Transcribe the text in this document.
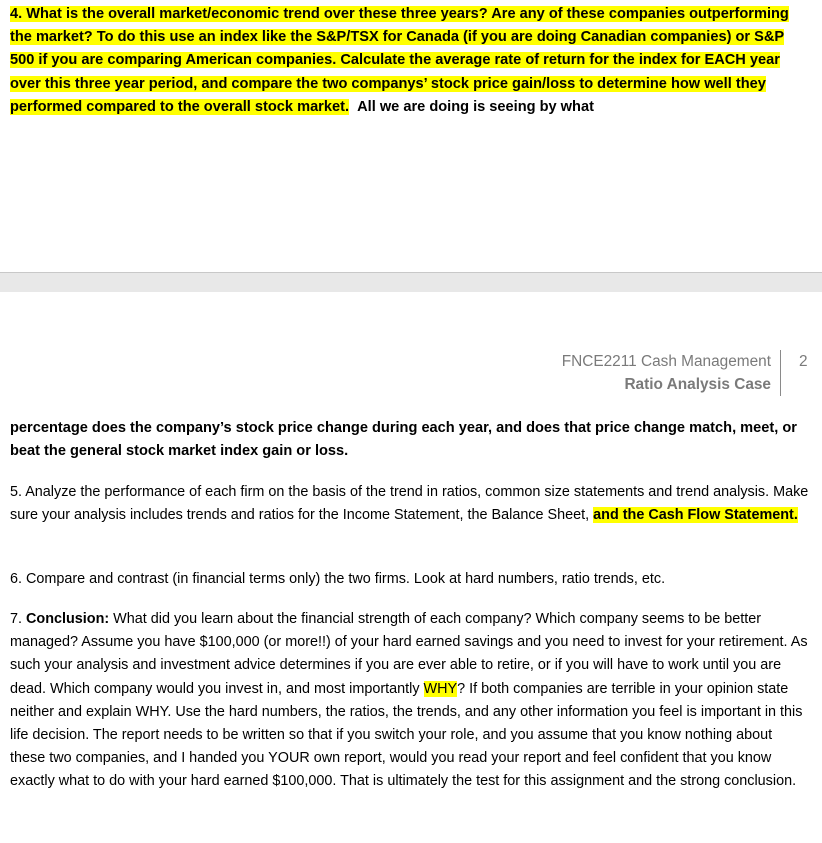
4. What is the overall market/economic trend over these three years? Are any of these companies outperforming the market? To do this use an index like the S&P/TSX for Canada (if you are doing Canadian companies) or S&P 500 if you are comparing American companies. Calculate the average rate of return for the index for EACH year over this three year period, and compare the two companys’ stock price gain/loss to determine how well they performed compared to the overall stock market. All we are doing is seeing by what
FNCE2211 Cash Management
Ratio Analysis Case
2
percentage does the company’s stock price change during each year, and does that price change match, meet, or beat the general stock market index gain or loss.
5. Analyze the performance of each firm on the basis of the trend in ratios, common size statements and trend analysis. Make sure your analysis includes trends and ratios for the Income Statement, the Balance Sheet, and the Cash Flow Statement.
6. Compare and contrast (in financial terms only) the two firms. Look at hard numbers, ratio trends, etc.
7. Conclusion: What did you learn about the financial strength of each company? Which company seems to be better managed? Assume you have $100,000 (or more!!) of your hard earned savings and you need to invest for your retirement. As such your analysis and investment advice determines if you are ever able to retire, or if you will have to work until you are dead. Which company would you invest in, and most importantly WHY? If both companies are terrible in your opinion state neither and explain WHY. Use the hard numbers, the ratios, the trends, and any other information you feel is important in this life decision. The report needs to be written so that if you switch your role, and you assume that you know nothing about these two companies, and I handed you YOUR own report, would you read your report and feel confident that you know exactly what to do with your hard earned $100,000. That is ultimately the test for this assignment and the strong conclusion.
